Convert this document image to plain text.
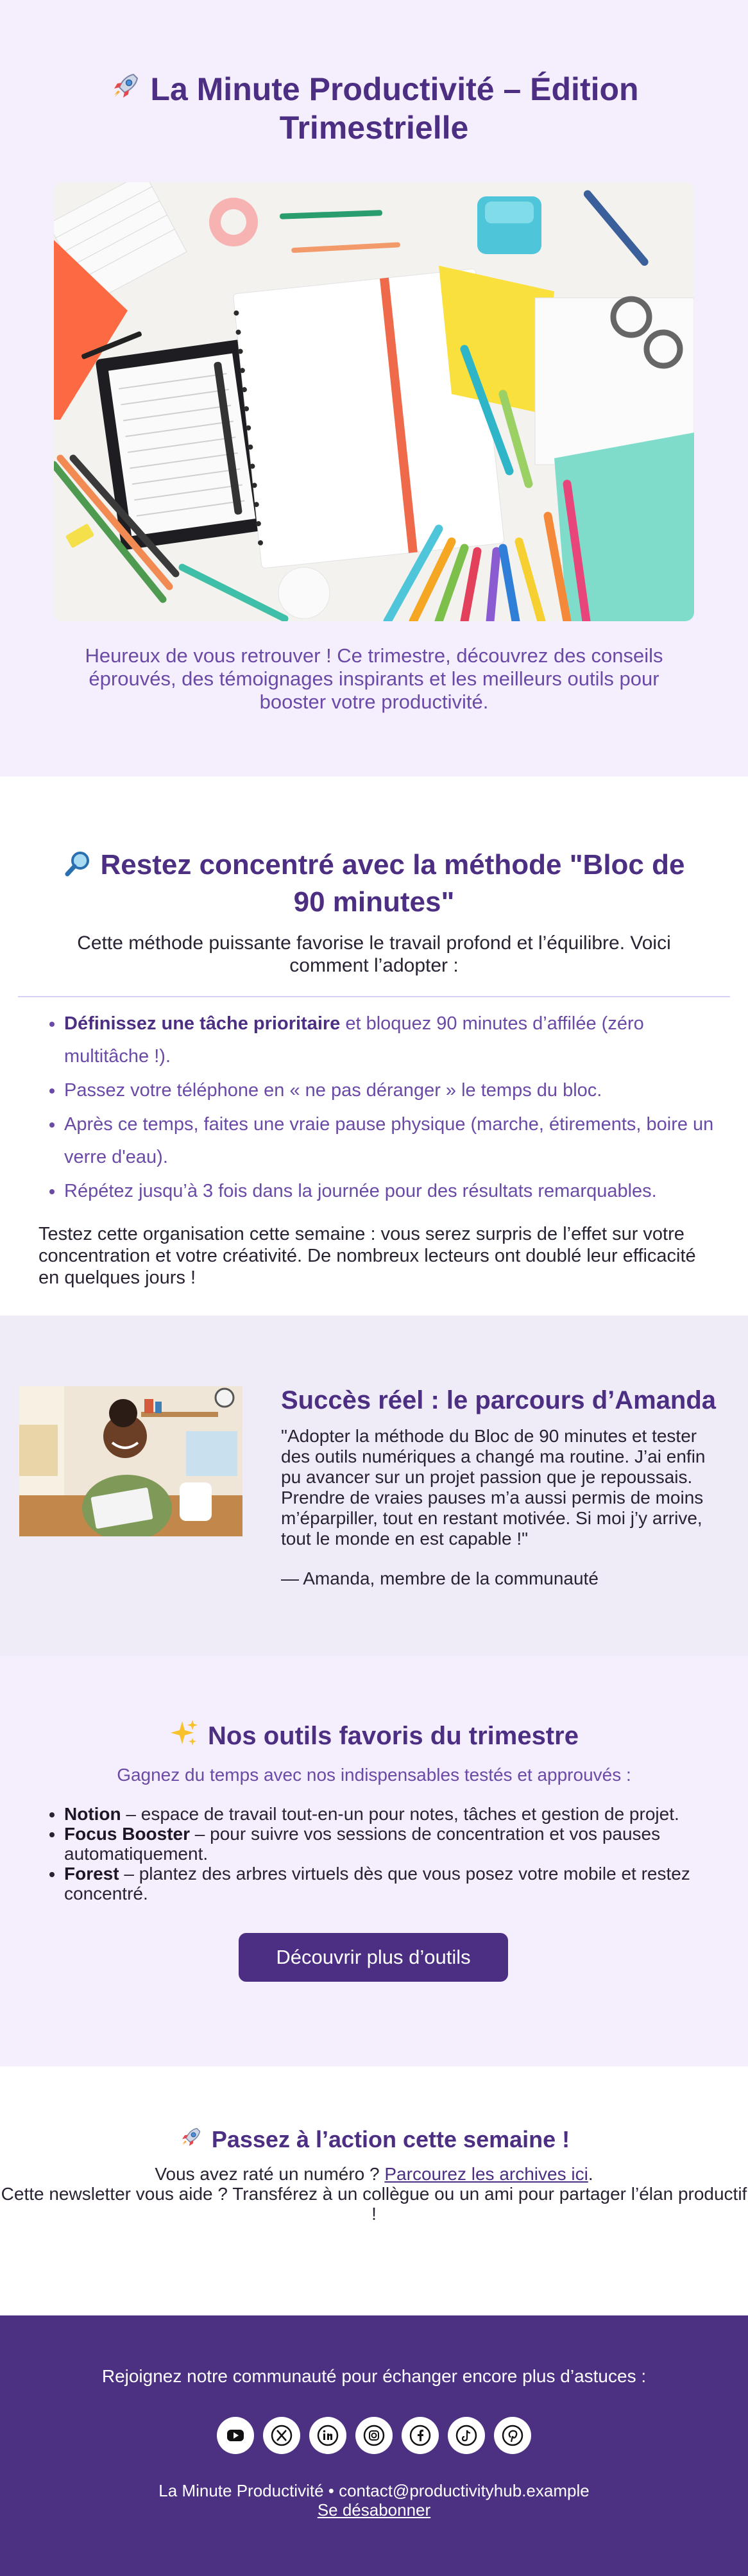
La Minute Productivité – Édition Trimestrielle

Heureux de vous retrouver ! Ce trimestre, découvrez des conseils éprouvés, des témoignages inspirants et les meilleurs outils pour booster votre productivité.

Restez concentré avec la méthode "Bloc de 90 minutes"

Cette méthode puissante favorise le travail profond et l’équilibre. Voici comment l’adopter :

• Définissez une tâche prioritaire et bloquez 90 minutes d’affilée (zéro multitâche !).
• Passez votre téléphone en « ne pas déranger » le temps du bloc.
• Après ce temps, faites une vraie pause physique (marche, étirements, boire un verre d'eau).
• Répétez jusqu’à 3 fois dans la journée pour des résultats remarquables.

Testez cette organisation cette semaine : vous serez surpris de l’effet sur votre concentration et votre créativité. De nombreux lecteurs ont doublé leur efficacité en quelques jours !

Succès réel : le parcours d’Amanda
"Adopter la méthode du Bloc de 90 minutes et tester des outils numériques a changé ma routine. J’ai enfin pu avancer sur un projet passion que je repoussais. Prendre de vraies pauses m’a aussi permis de moins m’éparpiller, tout en restant motivée. Si moi j’y arrive, tout le monde en est capable !"
— Amanda, membre de la communauté
Nos outils favoris du trimestre
Gagnez du temps avec nos indispensables testés et approuvés :
• Notion – espace de travail tout-en-un pour notes, tâches et gestion de projet.
• Focus Booster – pour suivre vos sessions de concentration et vos pauses automatiquement.
• Forest – plantez des arbres virtuels dès que vous posez votre mobile et restez concentré.
Découvrir plus d’outils
Passez à l’action cette semaine !
Vous avez raté un numéro ? Parcourez les archives ici.
Cette newsletter vous aide ? Transférez à un collègue ou un ami pour partager l’élan productif !
Rejoignez notre communauté pour échanger encore plus d’astuces :
La Minute Productivité • contact@productivityhub.example
Se désabonner
